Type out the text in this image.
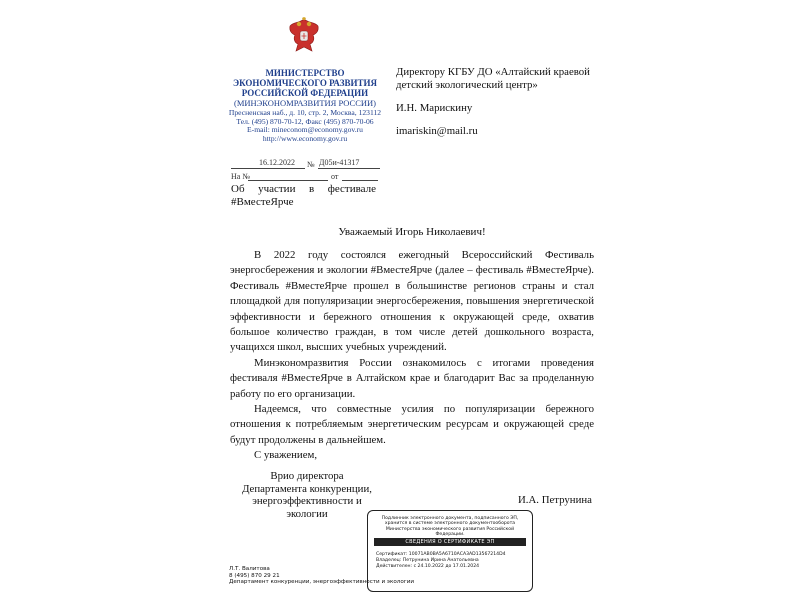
МИНИСТЕРСТВО
ЭКОНОМИЧЕСКОГО РАЗВИТИЯ
РОССИЙСКОЙ ФЕДЕРАЦИИ
(МИНЭКОНОМРАЗВИТИЯ РОССИИ)
Пресненская наб., д. 10, стр. 2, Москва, 123112
Тел. (495) 870-70-12, Факс (495) 870-70-06
E-mail: mineconom@economy.gov.ru
http://www.economy.gov.ru
Директору КГБУ ДО «Алтайский краевой
детский экологический центр»
И.Н. Марискину
imariskin@mail.ru
16.12.2022 № Д05и-41317
На №	от
Об участии в фестивале
#ВместеЯрче
Уважаемый Игорь Николаевич!

В 2022 году состоялся ежегодный Всероссийский Фестиваль энергосбережения и экологии #ВместеЯрче (далее – фестиваль #ВместеЯрче). Фестиваль #ВместеЯрче прошел в большинстве регионов страны и стал площадкой для популяризации энергосбережения, повышения энергетической эффективности и бережного отношения к окружающей среде, охватив большое количество граждан, в том числе детей дошкольного возраста, учащихся школ, высших учебных учреждений.

Минэкономразвития России ознакомилось с итогами проведения фестиваля #ВместеЯрче в Алтайском крае и благодарит Вас за проделанную работу по его организации.

Надеемся, что совместные усилия по популяризации бережного отношения к потребляемым энергетическим ресурсам и окружающей среде будут продолжены в дальнейшем.

С уважением,
Врио директора
Департамента конкуренции,
энергоэффективности и экологии
И.А. Петрунина
Подлинник электронного документа, подписанного ЭП,
хранится в системе электронного документооборота
Министерства экономического развития Российской Федерации.
СВЕДЕНИЯ О СЕРТИФИКАТЕ ЭП
Сертификат: 10071AB0BA5A6710ACA3AD13567214D4
Владелец: Петрунина Ирина Анатольевна
Действителен: с 24.10.2022 до 17.01.2024
Л.Т. Валитова
8 (495) 870 29 21
Департамент конкуренции, энергоэффективности и экологии
